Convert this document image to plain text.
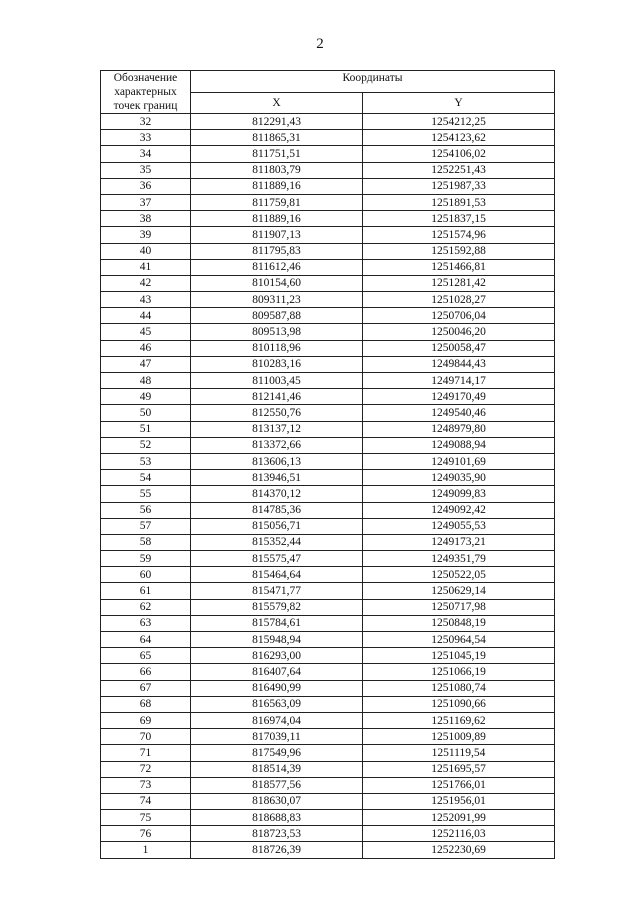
2
Обозначение
характерных
точек границ	Координаты	
	X	Y
32	812291,43	1254212,25
33	811865,31	1254123,62
34	811751,51	1254106,02
35	811803,79	1252251,43
36	811889,16	1251987,33
37	811759,81	1251891,53
38	811889,16	1251837,15
39	811907,13	1251574,96
40	811795,83	1251592,88
41	811612,46	1251466,81
42	810154,60	1251281,42
43	809311,23	1251028,27
44	809587,88	1250706,04
45	809513,98	1250046,20
46	810118,96	1250058,47
47	810283,16	1249844,43
48	811003,45	1249714,17
49	812141,46	1249170,49
50	812550,76	1249540,46
51	813137,12	1248979,80
52	813372,66	1249088,94
53	813606,13	1249101,69
54	813946,51	1249035,90
55	814370,12	1249099,83
56	814785,36	1249092,42
57	815056,71	1249055,53
58	815352,44	1249173,21
59	815575,47	1249351,79
60	815464,64	1250522,05
61	815471,77	1250629,14
62	815579,82	1250717,98
63	815784,61	1250848,19
64	815948,94	1250964,54
65	816293,00	1251045,19
66	816407,64	1251066,19
67	816490,99	1251080,74
68	816563,09	1251090,66
69	816974,04	1251169,62
70	817039,11	1251009,89
71	817549,96	1251119,54
72	818514,39	1251695,57
73	818577,56	1251766,01
74	818630,07	1251956,01
75	818688,83	1252091,99
76	818723,53	1252116,03
1	818726,39	1252230,69
